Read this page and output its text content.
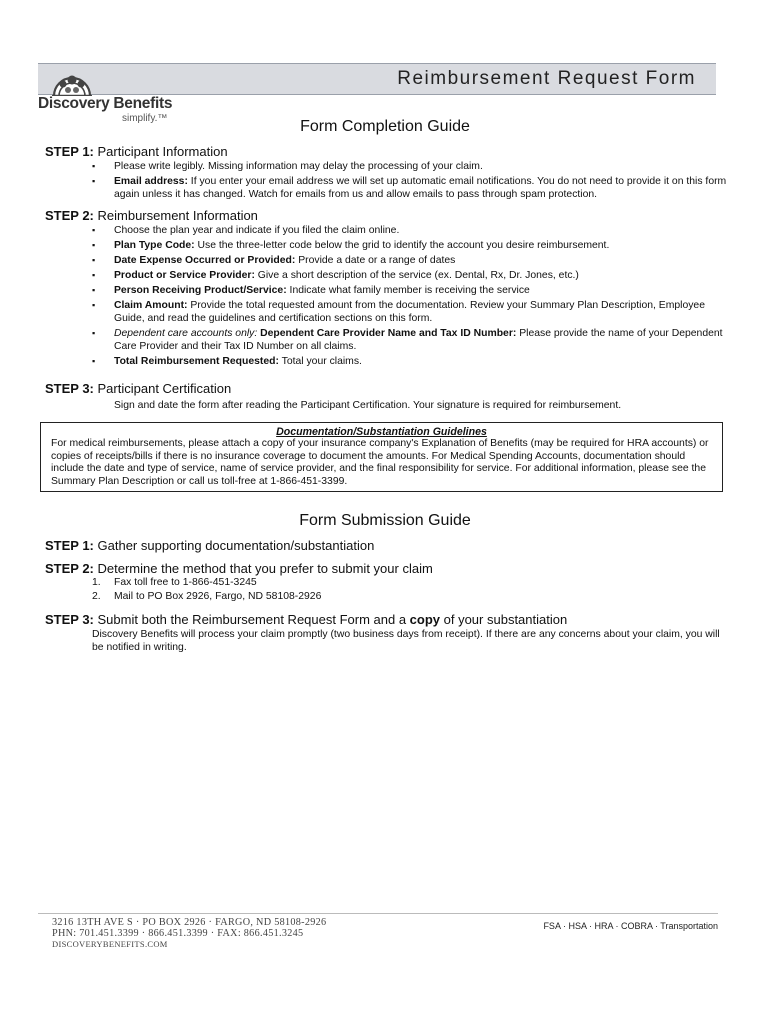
Reimbursement Request Form
Discovery Benefits
simplify.™	Form Completion Guide
STEP 1: Participant Information
▪ Please write legibly. Missing information may delay the processing of your claim.
▪ Email address: If you enter your email address we will set up automatic email notifications. You do not need to provide it on this form again unless it has changed. Watch for emails from us and allow emails to pass through spam protection.
STEP 2: Reimbursement Information
▪ Choose the plan year and indicate if you filed the claim online.
▪ Plan Type Code: Use the three-letter code below the grid to identify the account you desire reimbursement.
▪ Date Expense Occurred or Provided: Provide a date or a range of dates
▪ Product or Service Provider: Give a short description of the service (ex. Dental, Rx, Dr. Jones, etc.)
▪ Person Receiving Product/Service: Indicate what family member is receiving the service
▪ Claim Amount: Provide the total requested amount from the documentation. Review your Summary Plan Description, Employee Guide, and read the guidelines and certification sections on this form.
▪ Dependent care accounts only: Dependent Care Provider Name and Tax ID Number: Please provide the name of your Dependent Care Provider and their Tax ID Number on all claims.
▪ Total Reimbursement Requested: Total your claims.
STEP 3: Participant Certification
Sign and date the form after reading the Participant Certification. Your signature is required for reimbursement.
Documentation/Substantiation Guidelines
For medical reimbursements, please attach a copy of your insurance company's Explanation of Benefits (may be required for HRA accounts) or copies of receipts/bills if there is no insurance coverage to document the amounts. For Medical Spending Accounts, documentation should include the date and type of service, name of service provider, and the final responsibility for service. For additional information, please see the Summary Plan Description or call us toll-free at 1-866-451-3399.
Form Submission Guide
STEP 1: Gather supporting documentation/substantiation
STEP 2: Determine the method that you prefer to submit your claim
1. Fax toll free to 1-866-451-3245
2. Mail to PO Box 2926, Fargo, ND 58108-2926
STEP 3: Submit both the Reimbursement Request Form and a copy of your substantiation
Discovery Benefits will process your claim promptly (two business days from receipt). If there are any concerns about your claim, you will be notified in writing.
3216 13TH AVE S · PO BOX 2926 · FARGO, ND 58108-2926
PHN: 701.451.3399 · 866.451.3399 · FAX: 866.451.3245
DISCOVERYBENEFITS.COM
FSA · HSA · HRA · COBRA · Transportation
